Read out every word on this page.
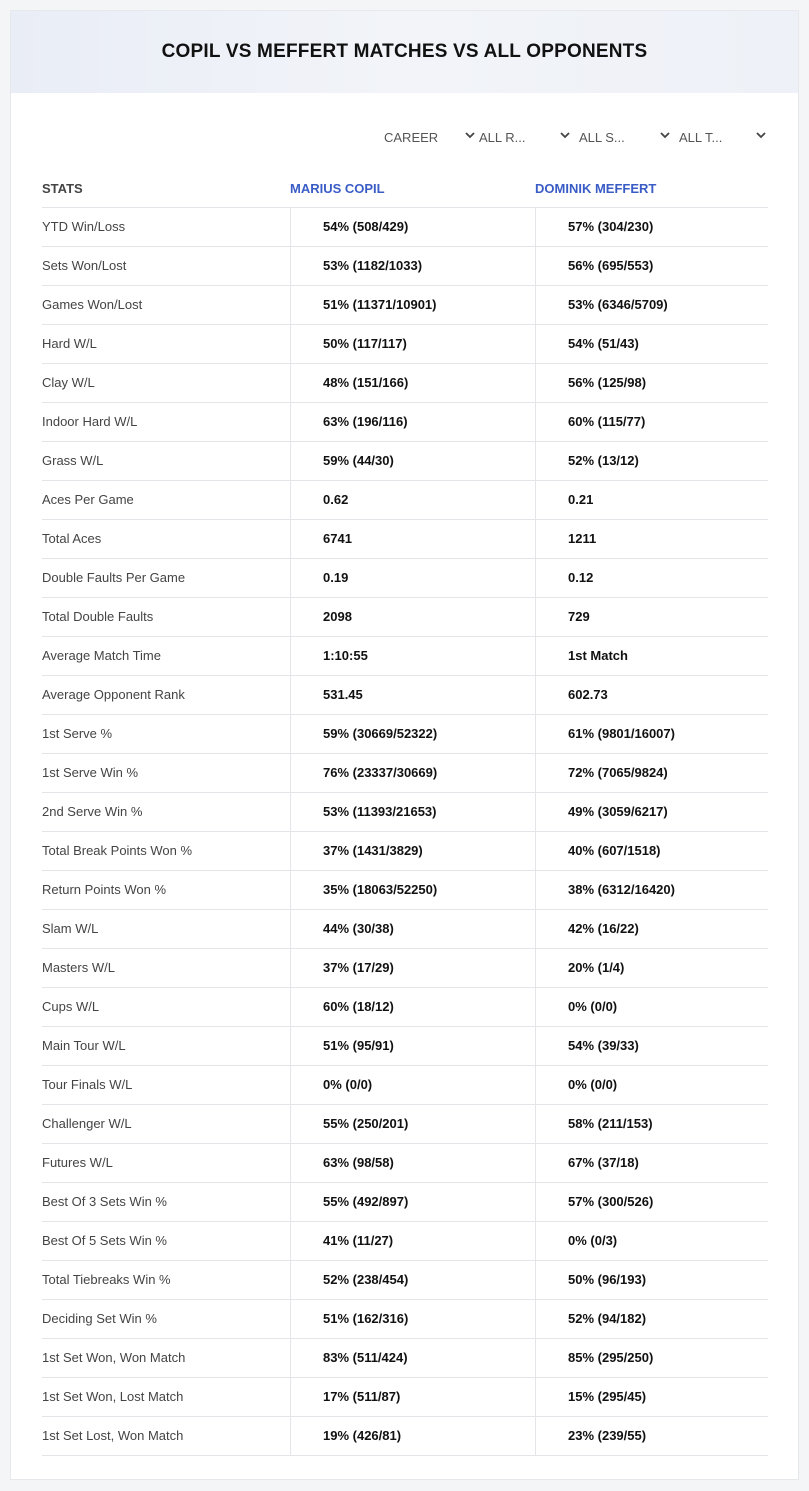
COPIL VS MEFFERT MATCHES VS ALL OPPONENTS
CAREER	ALL R...	ALL S...	ALL T...
STATS	MARIUS COPIL	DOMINIK MEFFERT
YTD Win/Loss	54% (508/429)	57% (304/230)
Sets Won/Lost	53% (1182/1033)	56% (695/553)
Games Won/Lost	51% (11371/10901)	53% (6346/5709)
Hard W/L	50% (117/117)	54% (51/43)
Clay W/L	48% (151/166)	56% (125/98)
Indoor Hard W/L	63% (196/116)	60% (115/77)
Grass W/L	59% (44/30)	52% (13/12)
Aces Per Game	0.62	0.21
Total Aces	6741	1211
Double Faults Per Game	0.19	0.12
Total Double Faults	2098	729
Average Match Time	1:10:55	1st Match
Average Opponent Rank	531.45	602.73
1st Serve %	59% (30669/52322)	61% (9801/16007)
1st Serve Win %	76% (23337/30669)	72% (7065/9824)
2nd Serve Win %	53% (11393/21653)	49% (3059/6217)
Total Break Points Won %	37% (1431/3829)	40% (607/1518)
Return Points Won %	35% (18063/52250)	38% (6312/16420)
Slam W/L	44% (30/38)	42% (16/22)
Masters W/L	37% (17/29)	20% (1/4)
Cups W/L	60% (18/12)	0% (0/0)
Main Tour W/L	51% (95/91)	54% (39/33)
Tour Finals W/L	0% (0/0)	0% (0/0)
Challenger W/L	55% (250/201)	58% (211/153)
Futures W/L	63% (98/58)	67% (37/18)
Best Of 3 Sets Win %	55% (492/897)	57% (300/526)
Best Of 5 Sets Win %	41% (11/27)	0% (0/3)
Total Tiebreaks Win %	52% (238/454)	50% (96/193)
Deciding Set Win %	51% (162/316)	52% (94/182)
1st Set Won, Won Match	83% (511/424)	85% (295/250)
1st Set Won, Lost Match	17% (511/87)	15% (295/45)
1st Set Lost, Won Match	19% (426/81)	23% (239/55)
